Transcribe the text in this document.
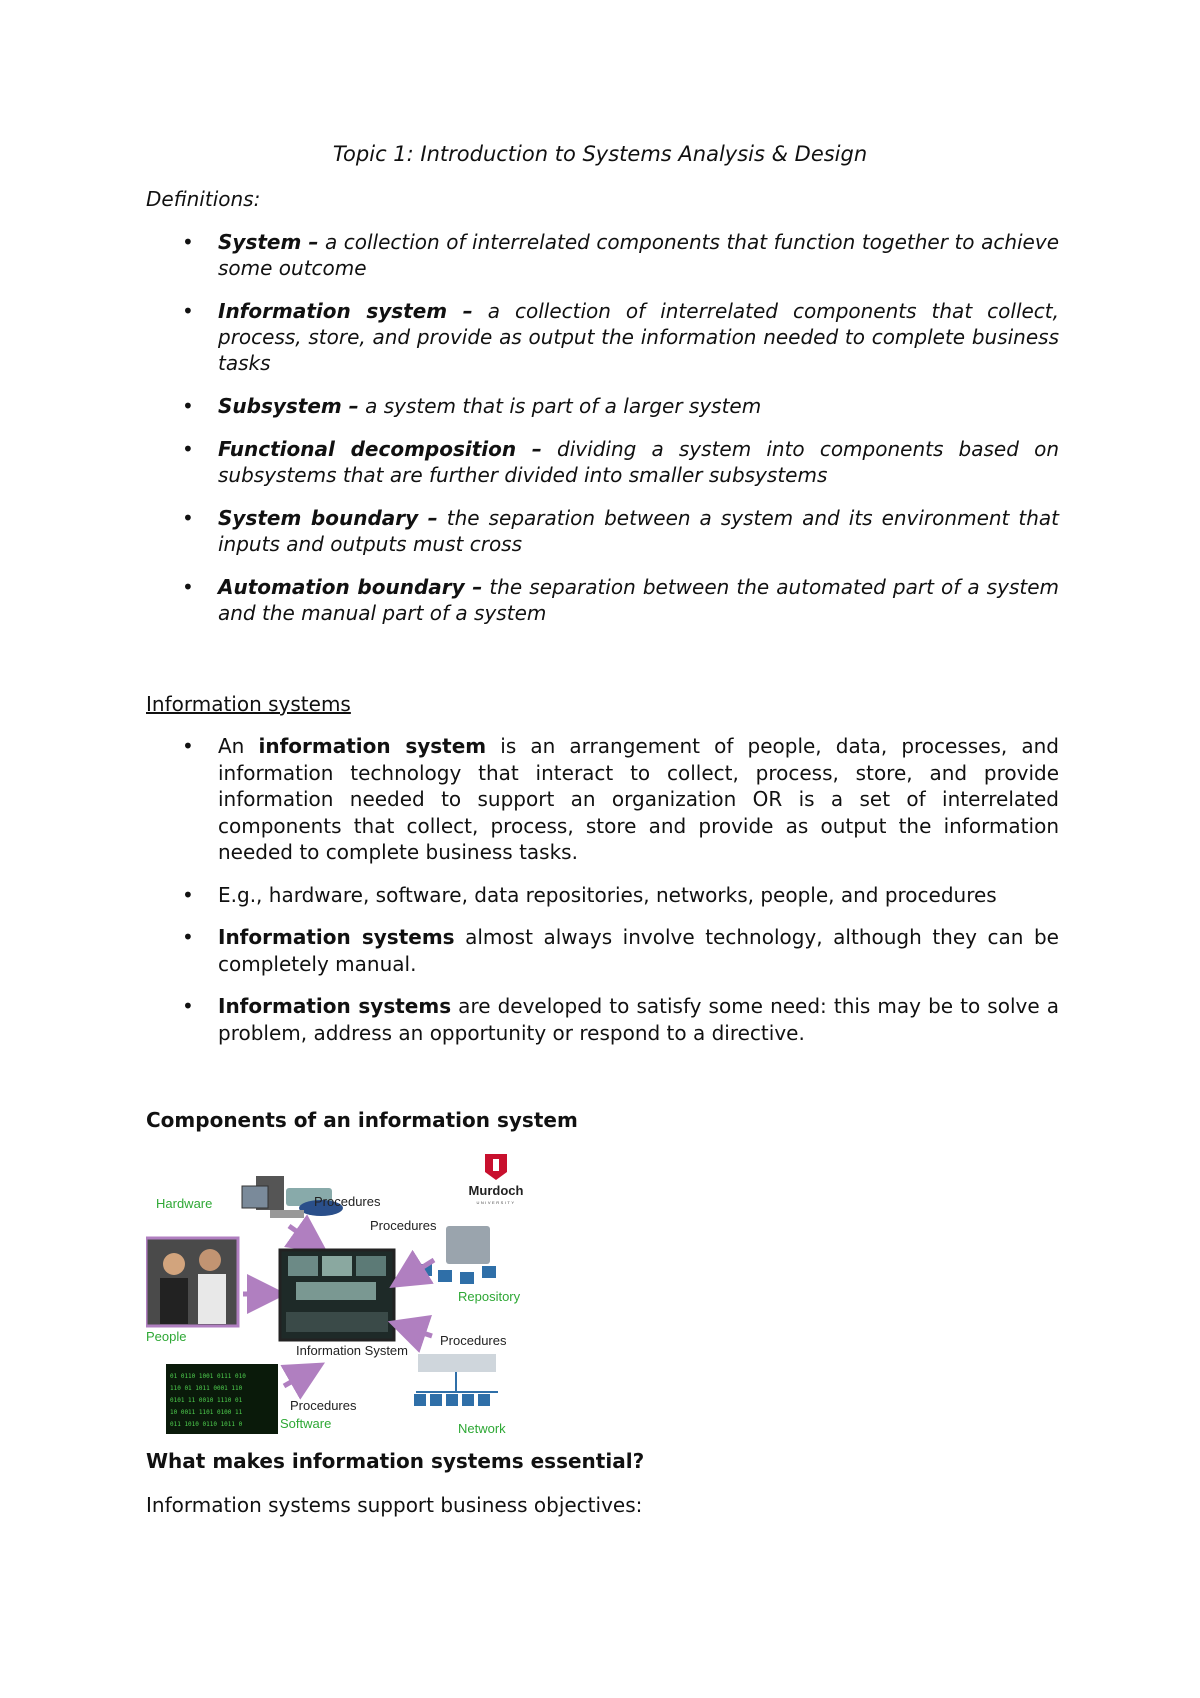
Topic 1: Introduction to Systems Analysis & Design
Definitions:
• System – a collection of interrelated components that function together to achieve some outcome
• Information system – a collection of interrelated components that collect, process, store, and provide as output the information needed to complete business tasks
• Subsystem – a system that is part of a larger system
• Functional decomposition – dividing a system into components based on subsystems that are further divided into smaller subsystems
• System boundary – the separation between a system and its environment that inputs and outputs must cross
• Automation boundary – the separation between the automated part of a system and the manual part of a system
Information systems
• An information system is an arrangement of people, data, processes, and information technology that interact to collect, process, store, and provide information needed to support an organization OR is a set of interrelated components that collect, process, store and provide as output the information needed to complete business tasks.
• E.g., hardware, software, data repositories, networks, people, and procedures
• Information systems almost always involve technology, although they can be completely manual.
• Information systems are developed to satisfy some need: this may be to solve a problem, address an opportunity or respond to a directive.
Components of an information system
Murdoch
UNIVERSITY
Hardware	Procedures
People
Information System
Procedures
Repository
Procedures
Network
01 0110 1001 0111 010
110 01 1011 0001 110
0101 11 0010 1110 01
10 0011 1101 0100 11
011 1010 0110 1011 0
Procedures
Software
What makes information systems essential?
Information systems support business objectives:
